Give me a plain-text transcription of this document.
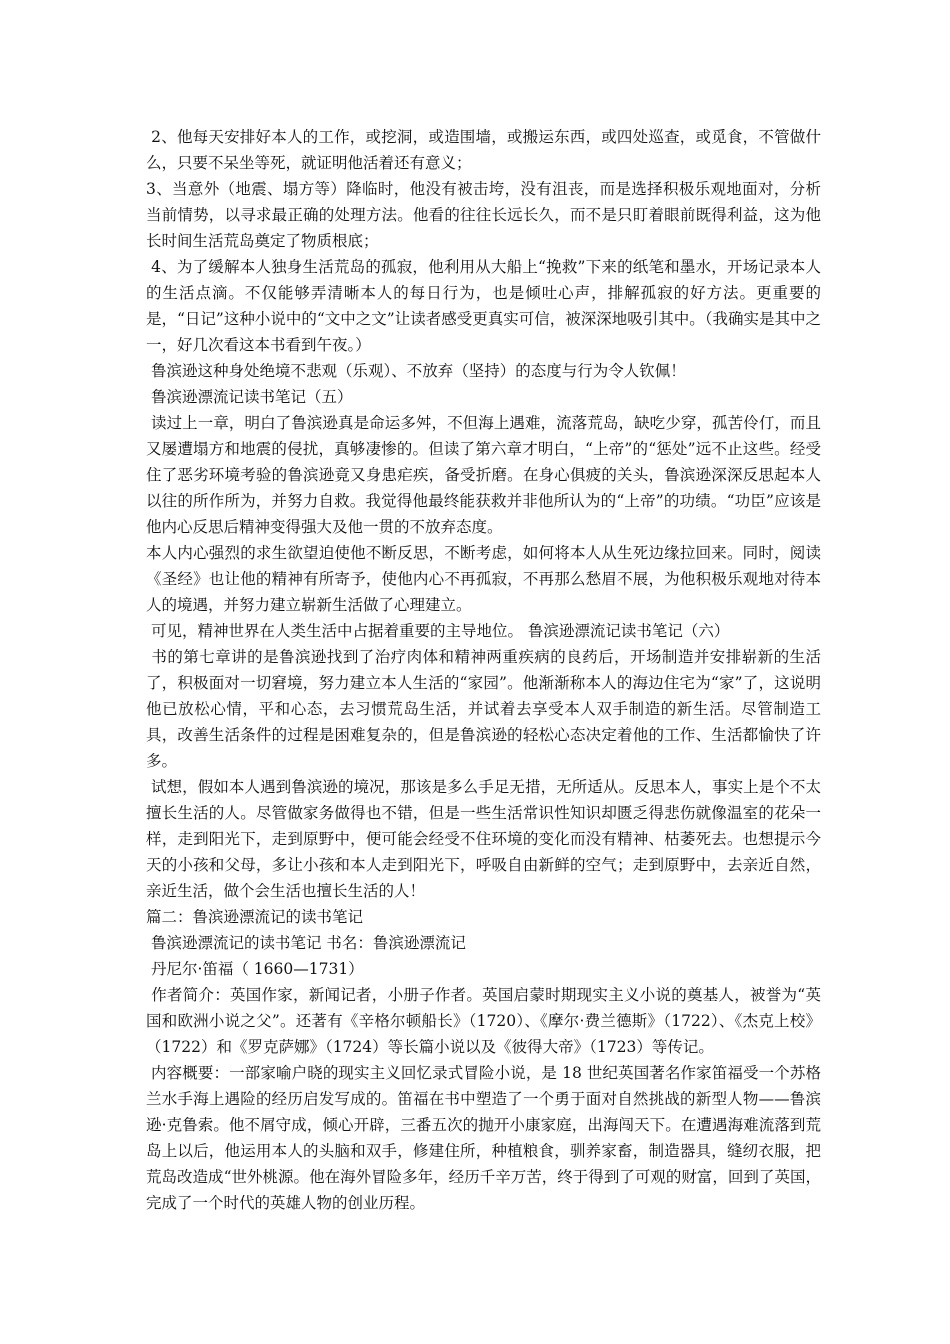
2、他每天安排好本人的工作，或挖洞，或造围墙，或搬运东西，或四处巡查，或觅食，不管做什么，只要不呆坐等死，就证明他活着还有意义；

3、当意外（地震、塌方等）降临时，他没有被击垮，没有沮丧，而是选择积极乐观地面对，分析当前情势，以寻求最正确的处理方法。他看的往往长远长久，而不是只盯着眼前既得利益，这为他长时间生活荒岛奠定了物质根底；

4、为了缓解本人独身生活荒岛的孤寂，他利用从大船上“挽救”下来的纸笔和墨水，开场记录本人的生活点滴。不仅能够弄清晰本人的每日行为，也是倾吐心声，排解孤寂的好方法。更重要的是，“日记”这种小说中的“文中之文”让读者感受更真实可信，被深深地吸引其中。（我确实是其中之一，好几次看这本书看到午夜。）

鲁滨逊这种身处绝境不悲观（乐观）、不放弃（坚持）的态度与行为令人钦佩！

鲁滨逊漂流记读书笔记（五）

读过上一章，明白了鲁滨逊真是命运多舛，不但海上遇难，流落荒岛，缺吃少穿，孤苦伶仃，而且又屡遭塌方和地震的侵扰，真够凄惨的。但读了第六章才明白，“上帝”的“惩处”远不止这些。经受住了恶劣环境考验的鲁滨逊竟又身患疟疾，备受折磨。在身心俱疲的关头，鲁滨逊深深反思起本人以往的所作所为，并努力自救。我觉得他最终能获救并非他所认为的“上帝”的功绩。“功臣”应该是他内心反思后精神变得强大及他一贯的不放弃态度。

本人内心强烈的求生欲望迫使他不断反思，不断考虑，如何将本人从生死边缘拉回来。同时，阅读《圣经》也让他的精神有所寄予，使他内心不再孤寂，不再那么愁眉不展，为他积极乐观地对待本人的境遇，并努力建立崭新生活做了心理建立。

可见，精神世界在人类生活中占据着重要的主导地位。 鲁滨逊漂流记读书笔记（六）

书的第七章讲的是鲁滨逊找到了治疗肉体和精神两重疾病的良药后，开场制造并安排崭新的生活了，积极面对一切窘境，努力建立本人生活的“家园”。他渐渐称本人的海边住宅为“家”了，这说明他已放松心情，平和心态，去习惯荒岛生活，并试着去享受本人双手制造的新生活。尽管制造工具，改善生活条件的过程是困难复杂的，但是鲁滨逊的轻松心态决定着他的工作、生活都愉快了许多。

试想，假如本人遇到鲁滨逊的境况，那该是多么手足无措，无所适从。反思本人，事实上是个不太擅长生活的人。尽管做家务做得也不错，但是一些生活常识性知识却匮乏得悲伤就像温室的花朵一样，走到阳光下，走到原野中，便可能会经受不住环境的变化而没有精神、枯萎死去。也想提示今天的小孩和父母，多让小孩和本人走到阳光下，呼吸自由新鲜的空气；走到原野中，去亲近自然，亲近生活，做个会生活也擅长生活的人！

篇二：鲁滨逊漂流记的读书笔记

鲁滨逊漂流记的读书笔记 书名：鲁滨逊漂流记

丹尼尔·笛福（ 1660—1731）

作者简介：英国作家，新闻记者，小册子作者。英国启蒙时期现实主义小说的奠基人，被誉为“英国和欧洲小说之父”。还著有《辛格尔顿船长》（1720）、《摩尔·费兰德斯》（1722）、《杰克上校》（1722）和《罗克萨娜》（1724）等长篇小说以及《彼得大帝》（1723）等传记。

内容概要：一部家喻户晓的现实主义回忆录式冒险小说，是 18 世纪英国著名作家笛福受一个苏格兰水手海上遇险的经历启发写成的。笛福在书中塑造了一个勇于面对自然挑战的新型人物——鲁滨逊·克鲁索。他不屑守成，倾心开辟，三番五次的抛开小康家庭，出海闯天下。在遭遇海难流落到荒岛上以后，他运用本人的头脑和双手，修建住所，种植粮食，驯养家畜，制造器具，缝纫衣服，把荒岛改造成“世外桃源。他在海外冒险多年，经历千辛万苦，终于得到了可观的财富，回到了英国，完成了一个时代的英雄人物的创业历程。
